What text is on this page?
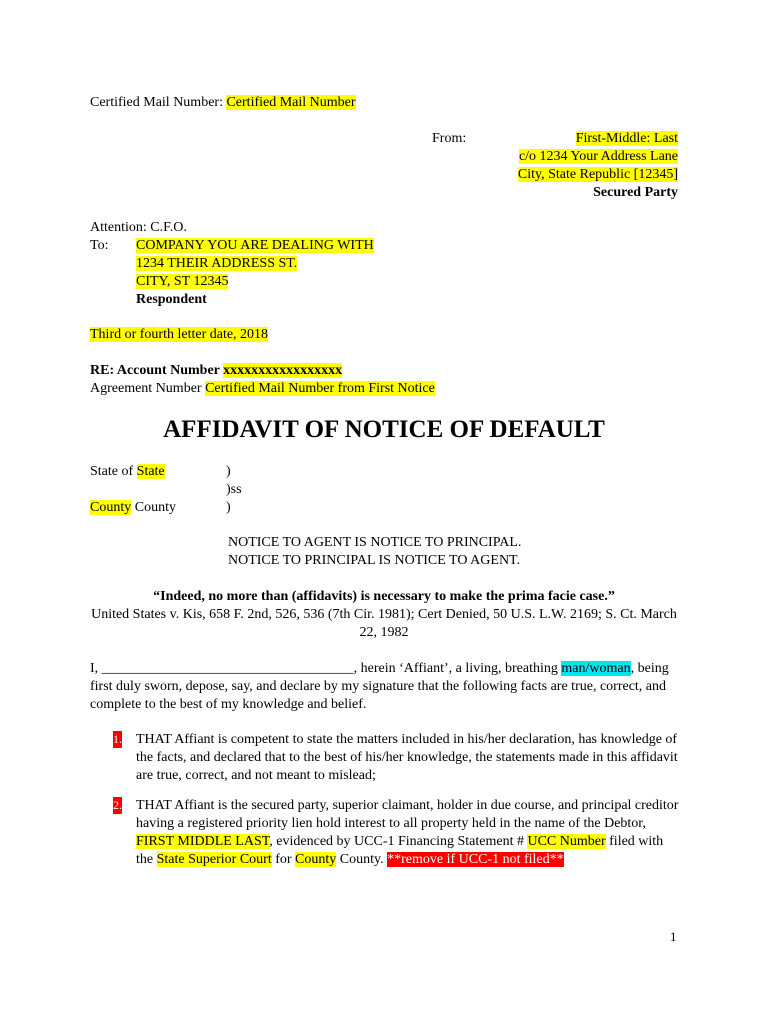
Certified Mail Number: Certified Mail Number
From:	First-Middle: Last
c/o 1234 Your Address Lane
City, State Republic [12345]
Secured Party
Attention: C.F.O.
To: COMPANY YOU ARE DEALING WITH
1234 THEIR ADDRESS ST.
CITY, ST 12345
Respondent
Third or fourth letter date, 2018
RE: Account Number xxxxxxxxxxxxxxxxx
Agreement Number Certified Mail Number from First Notice
AFFIDAVIT OF NOTICE OF DEFAULT
State of State	)
)ss
County County	)
NOTICE TO AGENT IS NOTICE TO PRINCIPAL.
NOTICE TO PRINCIPAL IS NOTICE TO AGENT.
“Indeed, no more than (affidavits) is necessary to make the prima facie case.”
United States v. Kis, 658 F. 2nd, 526, 536 (7th Cir. 1981); Cert Denied, 50 U.S. L.W. 2169; S. Ct. March 22, 1982
I, ____________________________________, herein ‘Affiant’, a living, breathing man/woman, being first duly sworn, depose, say, and declare by my signature that the following facts are true, correct, and complete to the best of my knowledge and belief.
1. THAT Affiant is competent to state the matters included in his/her declaration, has knowledge of the facts, and declared that to the best of his/her knowledge, the statements made in this affidavit are true, correct, and not meant to mislead;
2. THAT Affiant is the secured party, superior claimant, holder in due course, and principal creditor having a registered priority lien hold interest to all property held in the name of the Debtor, FIRST MIDDLE LAST, evidenced by UCC-1 Financing Statement # UCC Number filed with the State Superior Court for County County. **remove if UCC-1 not filed**
1
